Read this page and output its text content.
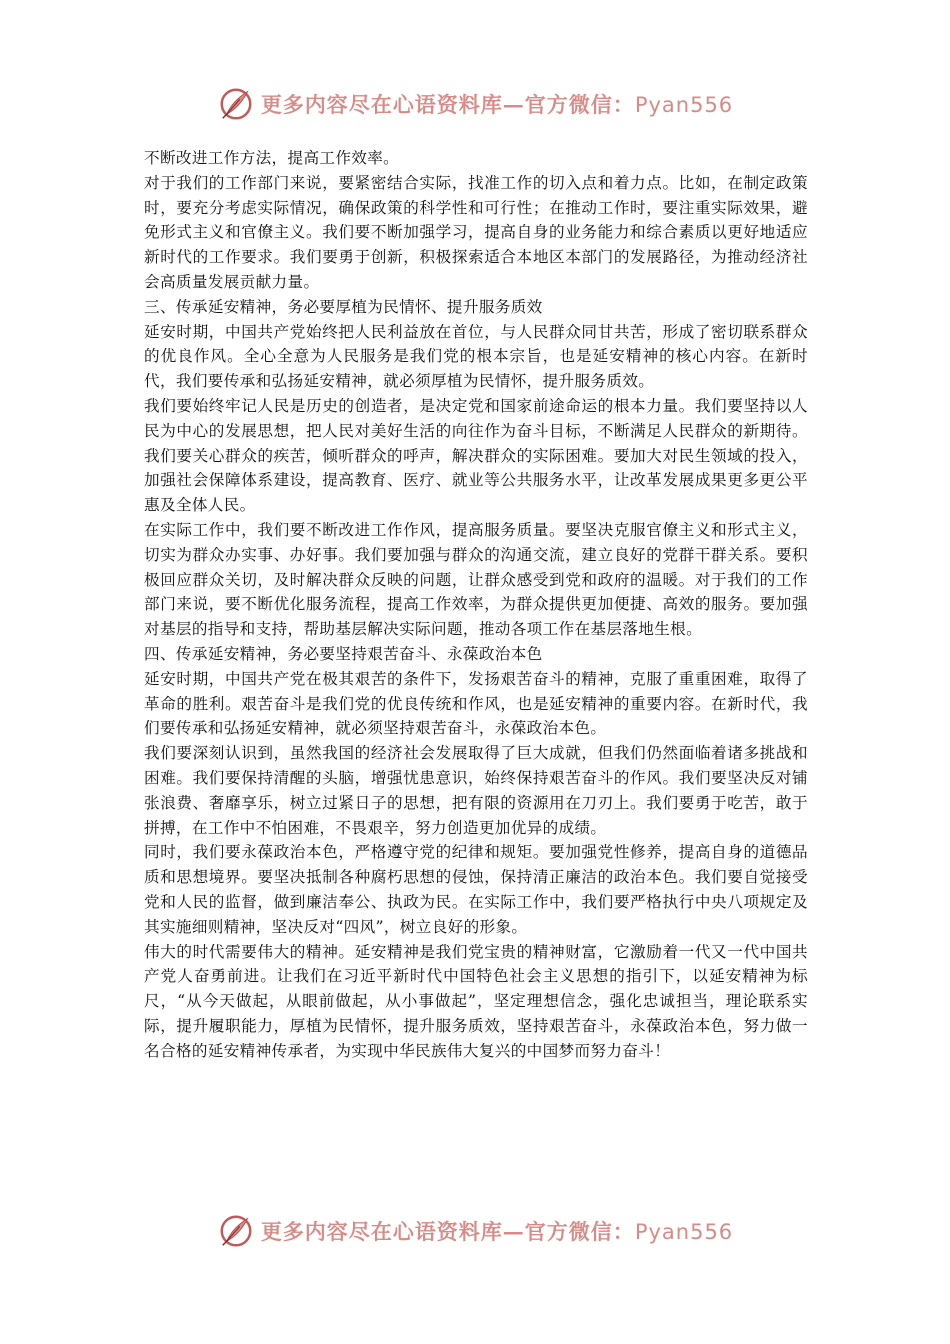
更多内容尽在心语资料库—官方微信：Pyan556

不断改进工作方法，提高工作效率。

对于我们的工作部门来说，要紧密结合实际，找准工作的切入点和着力点。比如，在制定政策时，要充分考虑实际情况，确保政策的科学性和可行性；在推动工作时，要注重实际效果，避免形式主义和官僚主义。我们要不断加强学习，提高自身的业务能力和综合素质以更好地适应新时代的工作要求。我们要勇于创新，积极探索适合本地区本部门的发展路径，为推动经济社会高质量发展贡献力量。

三、传承延安精神，务必要厚植为民情怀、提升服务质效

延安时期，中国共产党始终把人民利益放在首位，与人民群众同甘共苦，形成了密切联系群众的优良作风。全心全意为人民服务是我们党的根本宗旨，也是延安精神的核心内容。在新时代，我们要传承和弘扬延安精神，就必须厚植为民情怀，提升服务质效。

我们要始终牢记人民是历史的创造者，是决定党和国家前途命运的根本力量。我们要坚持以人民为中心的发展思想，把人民对美好生活的向往作为奋斗目标，不断满足人民群众的新期待。我们要关心群众的疾苦，倾听群众的呼声，解决群众的实际困难。要加大对民生领域的投入，加强社会保障体系建设，提高教育、医疗、就业等公共服务水平，让改革发展成果更多更公平惠及全体人民。

在实际工作中，我们要不断改进工作作风，提高服务质量。要坚决克服官僚主义和形式主义，切实为群众办实事、办好事。我们要加强与群众的沟通交流，建立良好的党群干群关系。要积极回应群众关切，及时解决群众反映的问题，让群众感受到党和政府的温暖。对于我们的工作部门来说，要不断优化服务流程，提高工作效率，为群众提供更加便捷、高效的服务。要加强对基层的指导和支持，帮助基层解决实际问题，推动各项工作在基层落地生根。

四、传承延安精神，务必要坚持艰苦奋斗、永葆政治本色

延安时期，中国共产党在极其艰苦的条件下，发扬艰苦奋斗的精神，克服了重重困难，取得了革命的胜利。艰苦奋斗是我们党的优良传统和作风，也是延安精神的重要内容。在新时代，我们要传承和弘扬延安精神，就必须坚持艰苦奋斗，永葆政治本色。

我们要深刻认识到，虽然我国的经济社会发展取得了巨大成就，但我们仍然面临着诸多挑战和困难。我们要保持清醒的头脑，增强忧患意识，始终保持艰苦奋斗的作风。我们要坚决反对铺张浪费、奢靡享乐，树立过紧日子的思想，把有限的资源用在刀刃上。我们要勇于吃苦，敢于拼搏，在工作中不怕困难，不畏艰辛，努力创造更加优异的成绩。

同时，我们要永葆政治本色，严格遵守党的纪律和规矩。要加强党性修养，提高自身的道德品质和思想境界。要坚决抵制各种腐朽思想的侵蚀，保持清正廉洁的政治本色。我们要自觉接受党和人民的监督，做到廉洁奉公、执政为民。在实际工作中，我们要严格执行中央八项规定及其实施细则精神，坚决反对“四风”，树立良好的形象。

伟大的时代需要伟大的精神。延安精神是我们党宝贵的精神财富，它激励着一代又一代中国共产党人奋勇前进。让我们在习近平新时代中国特色社会主义思想的指引下，以延安精神为标尺，“从今天做起，从眼前做起，从小事做起”，坚定理想信念，强化忠诚担当，理论联系实际，提升履职能力，厚植为民情怀，提升服务质效，坚持艰苦奋斗，永葆政治本色，努力做一名合格的延安精神传承者，为实现中华民族伟大复兴的中国梦而努力奋斗！

更多内容尽在心语资料库—官方微信：Pyan556
